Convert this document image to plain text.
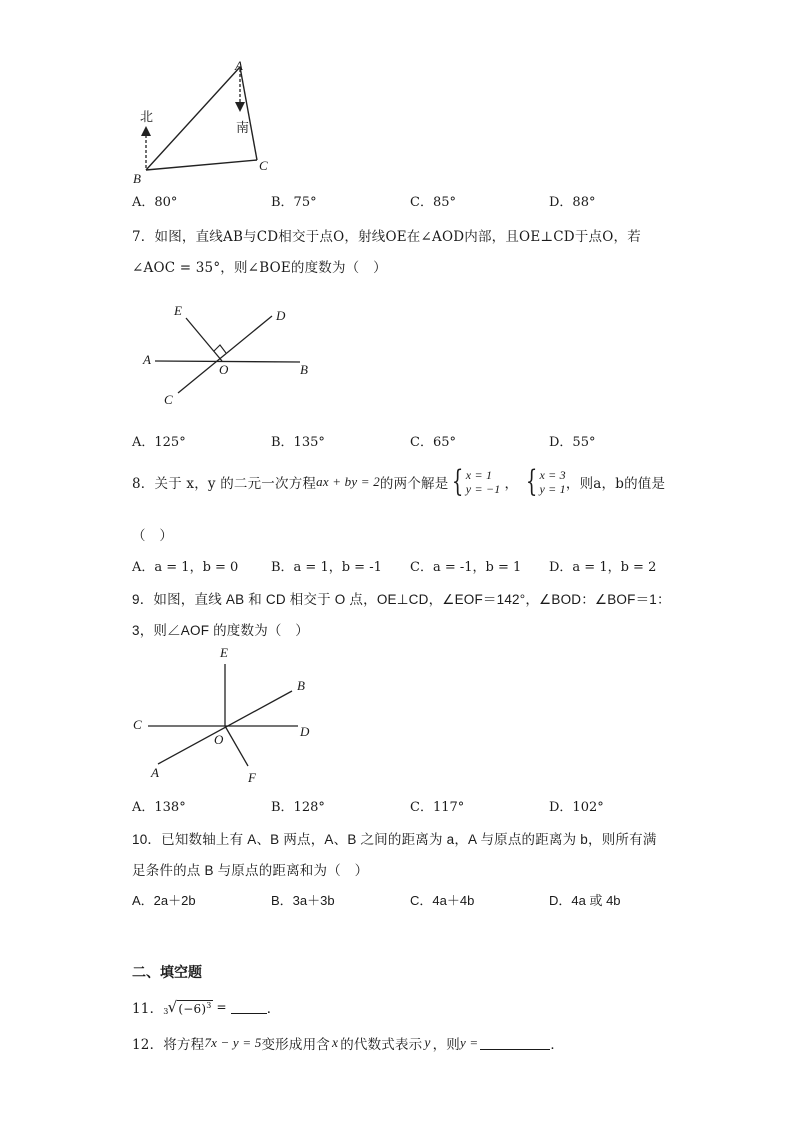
A
B
C
北
南
A．80°	B．75°	C．85°	D．88°
7．如图，直线AB与CD相交于点O，射线OE在∠AOD内部，且OE⊥CD于点O，若
∠AOC = 35°，则∠BOE的度数为（　）
E	D
A
O	B
C
A．125°	B．135°	C．65°	D．55°
8．关于 x，y 的二元一次方程 ax + by = 2 的两个解是 { x = 1
y = −1 ， { x = 3
y = 1 ，则a，b的值是
（　）
A．a = 1，b = 0	B．a = 1，b = -1 C．a = -1，b = 1 D．a = 1，b = 2
9．如图，直线 AB 和 CD 相交于 O 点，OE⊥CD，∠EOF＝142°，∠BOD：∠BOF＝1：
3，则∠AOF 的度数为（　）
E
B
C
O
D
A	F
A．138°	B．128°	C．117°	D．102°
10．已知数轴上有 A、B 两点，A、B 之间的距离为 a，A 与原点的距离为 b，则所有满
足条件的点 B 与原点的距离和为（　）
A．2a＋2b	B．3a＋3b	C．4a＋4b	D．4a 或 4b
二、填空题
11． 3 √ $(-6)^3$ =	．
12．将方程 7x − y = 5 变形成用含 x 的代数式表示 y ，则 y =	．
